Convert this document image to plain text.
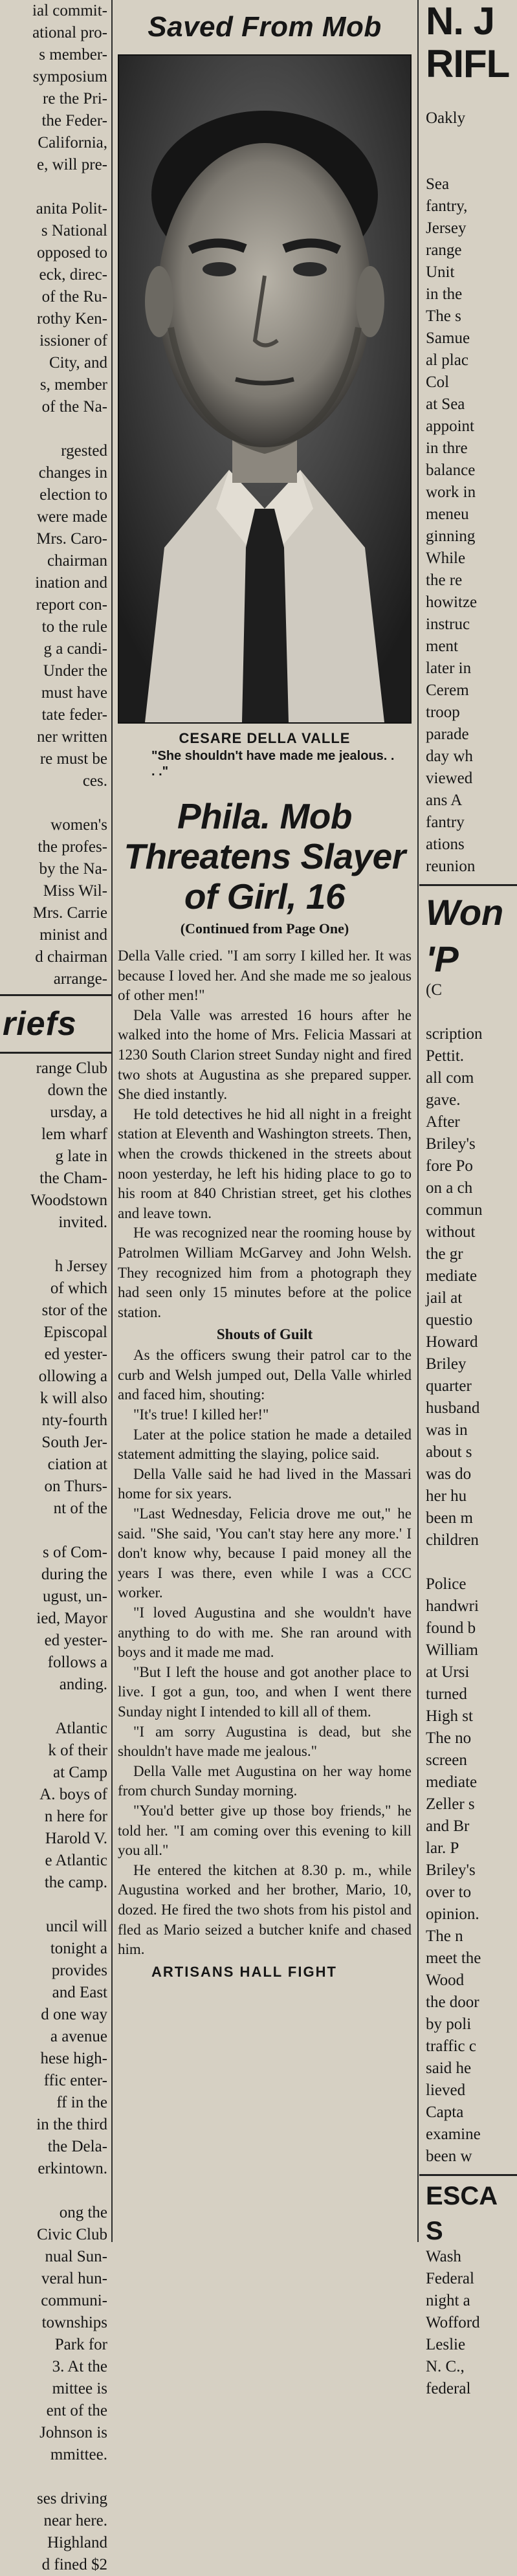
ial commit-

ational pro-

s member-

symposium

re the Pri-

the Feder-

California,

e, will pre-

anita Polit-

s National

opposed to

eck, direc-

of the Ru-

rothy Ken-

issioner of

City, and

s, member

of the Na-

rgested

changes in

election to

were made

Mrs. Caro-

chairman

ination and

report con-

to the rule

g a candi-

Under the

must have

tate feder-

ner written

re must be

ces.

women's

the profes-

by the Na-

Miss Wil-

Mrs. Carrie

minist and

d chairman

arrange-

riefs

range Club

down the

ursday, a

lem wharf

g late in

the Cham-

Woodstown

invited.

h Jersey

of which

stor of the

Episcopal

ed yester-

ollowing a

k will also

nty-fourth

South Jer-

ciation at

on Thurs-

nt of the

s of Com-

during the

ugust, un-

ied, Mayor

ed yester-

follows a

anding.

Atlantic

k of their

at Camp

A. boys of

n here for

Harold V.

e Atlantic

the camp.

uncil will

tonight a

provides

and East

d one way

a avenue

hese high-

ffic enter-

ff in the

in the third

the Dela-

erkintown.

ong the

Civic Club

nual Sun-

veral hun-

communi-

townships

Park for

3. At the

mittee is

ent of the

Johnson is

mmittee.

ses driving

near here.

Highland

d fined $2

Saved From Mob
CESARE DELLA VALLE
"She shouldn't have made me jealous. . . ."
Phila. Mob Threatens Slayer of Girl, 16
(Continued from Page One)

Della Valle cried. "I am sorry I killed her. It was because I loved her. And she made me so jealous of other men!"

Dela Valle was arrested 16 hours after he walked into the home of Mrs. Felicia Massari at 1230 South Clarion street Sunday night and fired two shots at Augustina as she prepared supper. She died instantly.

He told detectives he hid all night in a freight station at Eleventh and Washington streets. Then, when the crowds thickened in the streets about noon yesterday, he left his hiding place to go to his room at 840 Christian street, get his clothes and leave town.

He was recognized near the rooming house by Patrolmen William McGarvey and John Welsh. They recognized him from a photograph they had seen only 15 minutes before at the police station.

Shouts of Guilt

As the officers swung their patrol car to the curb and Welsh jumped out, Della Valle whirled and faced him, shouting:

"It's true! I killed her!"

Later at the police station he made a detailed statement admitting the slaying, police said.

Della Valle said he had lived in the Massari home for six years.

"Last Wednesday, Felicia drove me out," he said. "She said, 'You can't stay here any more.' I don't know why, because I paid money all the years I was there, even while I was a CCC worker.

"I loved Augustina and she wouldn't have anything to do with me. She ran around with boys and it made me mad.

"But I left the house and got another place to live. I got a gun, too, and when I went there Sunday night I intended to kill all of them.

"I am sorry Augustina is dead, but she shouldn't have made me jealous."

Della Valle met Augustina on her way home from church Sunday morning.

"You'd better give up those boy friends," he told her. "I am coming over this evening to kill you all."

He entered the kitchen at 8.30 p. m., while Augustina worked and her brother, Mario, 10, dozed. He fired the two shots from his pistol and fled as Mario seized a butcher knife and chased him.

ARTISANS HALL FIGHT
N. J
RIFL

Oakly

Sea

fantry,

Jersey

range

Unit

in the

The s

Samue

al plac

Col

at Sea

appoint

in thre

balance

work in

meneu

ginning

While

the re

howitze

instruc

ment

later in

Cerem

troop

parade

day wh

viewed

ans A

fantry

ations

reunion

Won
'P

(C

scription

Pettit.

all com

gave.

After

Briley's

fore Po

on a ch

commun

without

the gr

mediate

jail at

questio

Howard

Briley

quarter

husband

was in

about s

was do

her hu

been m

children

Police

handwri

found b

William

at Ursi

turned

High st

The no

screen

mediate

Zeller s

and Br

lar. P

Briley's

over to

opinion.

The n

meet the

Wood

the door

by poli

traffic c

said he

lieved

Capta

examine

been w

ESCA
S

Wash

Federal

night a

Wofford

Leslie

N. C.,

federal
